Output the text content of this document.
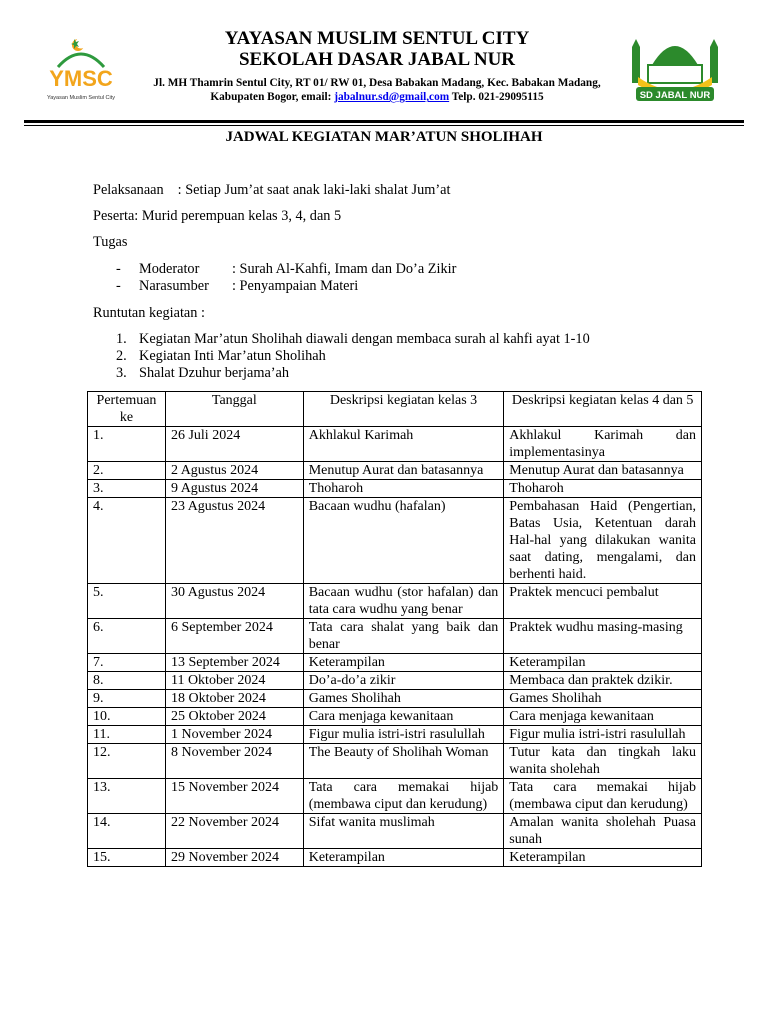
YMSC
Yayasan Muslim Sentul City
YAYASAN MUSLIM SENTUL CITY
SEKOLAH DASAR JABAL NUR
Jl. MH Thamrin Sentul City, RT 01/ RW 01, Desa Babakan Madang, Kec. Babakan Madang,
Kabupaten Bogor, email: jabalnur.sd@gmail,com Telp. 021-29095115	SD JABAL NUR
JADWAL KEGIATAN MAR’ATUN SHOLIHAH
Pelaksanaan : Setiap Jum’at saat anak laki-laki shalat Jum’at
Peserta: Murid perempuan kelas 3, 4, dan 5
Tugas
- Moderator : Surah Al-Kahfi, Imam dan Do’a Zikir
- Narasumber : Penyampaian Materi
Runtutan kegiatan :
1. Kegiatan Mar’atun Sholihah diawali dengan membaca surah al kahfi ayat 1-10
2. Kegiatan Inti Mar’atun Sholihah
3. Shalat Dzuhur berjama’ah
Pertemuan ke	Tanggal	Deskripsi kegiatan kelas 3	Deskripsi kegiatan kelas 4 dan 5
1.	26 Juli 2024	Akhlakul Karimah	Akhlakul Karimah dan implementasinya
2.	2 Agustus 2024	Menutup Aurat dan batasannya	Menutup Aurat dan batasannya
3.	9 Agustus 2024	Thoharoh	Thoharoh
4.	23 Agustus 2024	Bacaan wudhu (hafalan)	Pembahasan Haid (Pengertian, Batas Usia, Ketentuan darah Hal-hal yang dilakukan wanita saat dating, mengalami, dan berhenti haid.
5.	30 Agustus 2024	Bacaan wudhu (stor hafalan) dan tata cara wudhu yang benar	Praktek mencuci pembalut
6.	6 September 2024	Tata cara shalat yang baik dan benar	Praktek wudhu masing-masing
7.	13 September 2024	Keterampilan	Keterampilan
8.	11 Oktober 2024	Do’a-do’a zikir	Membaca dan praktek dzikir.
9.	18 Oktober 2024	Games Sholihah	Games Sholihah
10.	25 Oktober 2024	Cara menjaga kewanitaan	Cara menjaga kewanitaan
11.	1 November 2024	Figur mulia istri-istri rasulullah	Figur mulia istri-istri rasulullah
12.	8 November 2024	The Beauty of Sholihah Woman	Tutur kata dan tingkah laku wanita sholehah
13.	15 November 2024	Tata cara memakai hijab (membawa ciput dan kerudung)	Tata cara memakai hijab (membawa ciput dan kerudung)
14.	22 November 2024	Sifat wanita muslimah	Amalan wanita sholehah Puasa sunah
15.	29 November 2024	Keterampilan	Keterampilan
